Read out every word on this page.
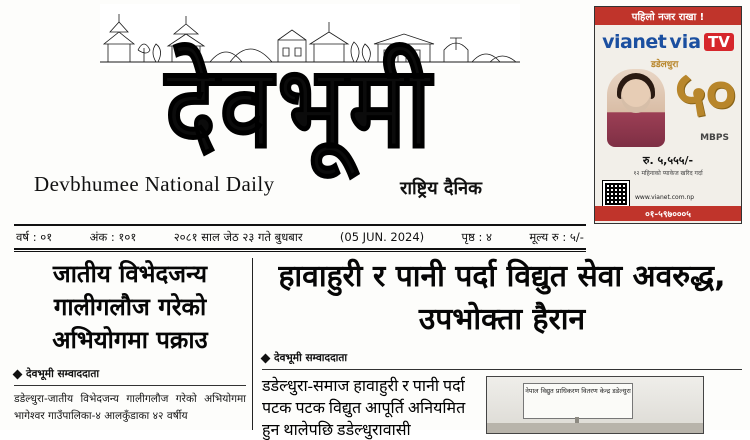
देवभूमी
Devbhumee National Daily	राष्ट्रिय दैनिक
पहिलो नजर राखा !
vianet via TV
डडेलधुरा
५०
MBPS
रु. ५,५५५/-
१२ महिनाको प्याकेज खरिद गर्दा
www.vianet.com.np
०१-५९७०००५
वर्ष : ०१	अंक : १०१	२०८१ साल जेठ २३ गते बुधबार	(05 JUN. 2024)	पृष्ठ : ४	मूल्य रु : ५/-
जातीय विभेदजन्य गालीगलौज गरेको अभियोगमा पक्राउ
देवभूमी सम्वाददाता
डडेल्धुरा-जातीय विभेदजन्य गालीगलौज गरेको अभियोगमा भागेश्वर गाउँपालिका-४ आलकुँडाका ४२ वर्षीय
हावाहुरी र पानी पर्दा विद्युत सेवा अवरुद्ध, उपभोक्ता हैरान
देवभूमी सम्वाददाता
डडेल्धुरा-समाज हावाहुरी र पानी पर्दा पटक पटक विद्युत आपूर्ति अनियमित हुन थालेपछि डडेल्धुरावासी
नेपाल विद्युत प्राधिकरण वितरण केन्द्र डडेल्धुरा
